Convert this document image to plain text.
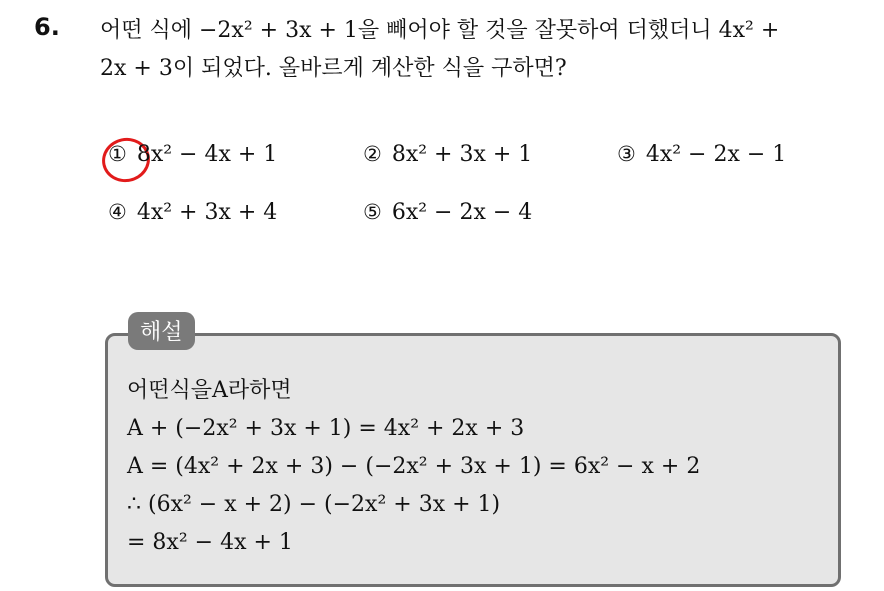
6. 어떤 식에 −2x² + 3x + 1을 빼어야 할 것을 잘못하여 더했더니 4x² +
2x + 3이 되었다. 올바르게 계산한 식을 구하면?
① 8x² − 4x + 1	② 8x² + 3x + 1	③ 4x² − 2x − 1
④ 4x² + 3x + 4	⑤ 6x² − 2x − 4
해설
어떤식을A라하면
A + (−2x² + 3x + 1) = 4x² + 2x + 3
A = (4x² + 2x + 3) − (−2x² + 3x + 1) = 6x² − x + 2
∴ (6x² − x + 2) − (−2x² + 3x + 1)
= 8x² − 4x + 1
